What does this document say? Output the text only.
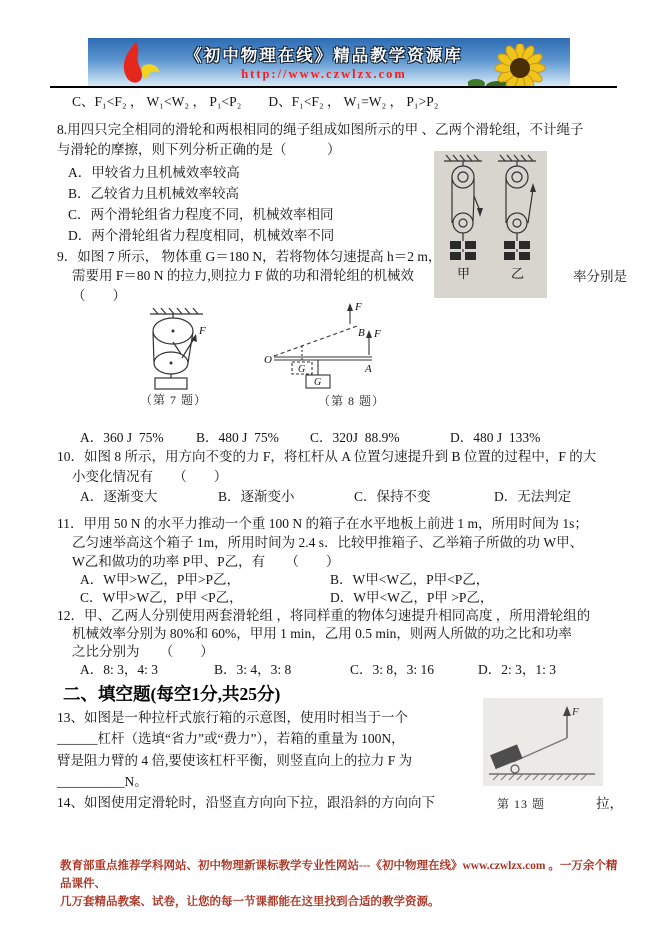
《初中物理在线》精品教学资源库
http://www.czwlzx.com
C、F₁<F₂ ， W₁<W₂ ， P₁<P₂　　D、F₁<F₂ ， W₁=W₂ ， P₁>P₂
8.用四只完全相同的滑轮和两根相同的绳子组成如图所示的甲 、乙两个滑轮组，不计绳子
与滑轮的摩擦，则下列分析正确的是（　　　）
A．甲较省力且机械效率较高
B．乙较省力且机械效率较高
C．两个滑轮组省力程度不同，机械效率相同
D．两个滑轮组省力程度相同，机械效率不同
甲	乙
9．如图 7 所示， 物体重 G＝180 N，若将物体匀速提高 h＝2 m，
需要用 F＝80 N 的拉力,则拉力 F 做的功和滑轮组的机械效	率分别是
（　　）
F
（第 7 题）
O
A
B
F
F
G
G
（第 8 题）
A．360 J  75% B．480 J  75% C．320J  88.9%	D．480 J  133%
10．如图 8 所示，用方向不变的力 F，将杠杆从 A 位置匀速提升到 B 位置的过程中，F 的大
小变化情况有　　（　　）
A．逐渐变大	B．逐渐变小	C．保持不变	D．无法判定
11．甲用 50 N 的水平力推动一个重 100 N 的箱子在水平地板上前进 1 m，所用时间为 1s；
乙匀速举高这个箱子 1m，所用时间为 2.4 s．比较甲推箱子、乙举箱子所做的功 W甲、
W乙和做功的功率 P甲、P乙，有　　（　　）
A．W甲>W乙，P甲>P乙，	B．W甲<W乙，P甲<P乙，
C．W甲>W乙，P甲 <P乙，	D．W甲<W乙，P甲 >P乙，
12．甲、乙两人分别使用两套滑轮组 ，将同样重的物体匀速提升相同高度 ，所用滑轮组的
机械效率分别为 80%和 60%，甲用 1 min，乙用 0.5 min，则两人所做的功之比和功率
之比分别为　　（　　）
A．8: 3，4: 3	B．3: 4，3: 8	C．3: 8，3: 16	D．2: 3，1: 3
二、填空题(每空1分,共25分)
13、如图是一种拉杆式旅行箱的示意图，使用时相当于一个
______杠杆（选填“省力”或“费力”），若箱的重量为 100N，
臂是阻力臂的 4 倍,要使该杠杆平衡，则竖直向上的拉力 F 为
__________N。
14、如图使用定滑轮时，沿竖直方向向下拉，跟沿斜的方向向下	拉，
F
第 13 题
教育部重点推荐学科网站、初中物理新课标教学专业性网站---《初中物理在线》www.czwlzx.com 。一万余个精品课件、
几万套精品教案、试卷，让您的每一节课都能在这里找到合适的教学资源。
